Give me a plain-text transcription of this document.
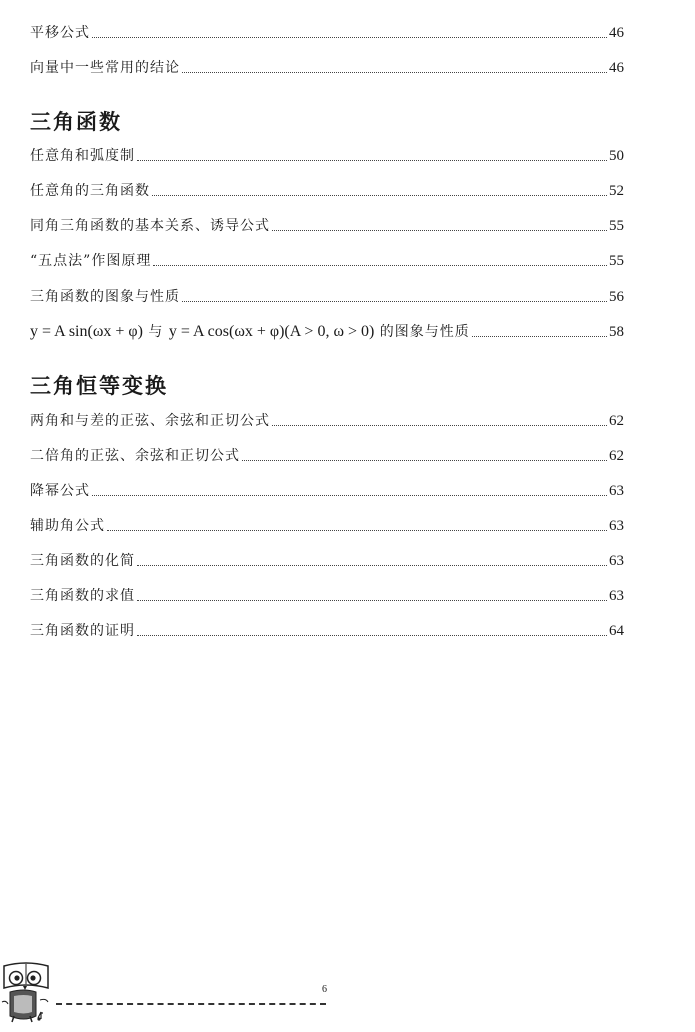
平移公式	46
向量中一些常用的结论	46
三角函数
任意角和弧度制	50
任意角的三角函数	52
同角三角函数的基本关系、诱导公式	55
“五点法”作图原理	55
三角函数的图象与性质	56
y = A sin(ωx + φ) 与 y = A cos(ωx + φ)(A > 0, ω > 0) 的图象与性质	58
三角恒等变换
两角和与差的正弦、余弦和正切公式	62
二倍角的正弦、余弦和正切公式	62
降幂公式	63
辅助角公式	63
三角函数的化简	63
三角函数的求值	63
三角函数的证明	64
6
